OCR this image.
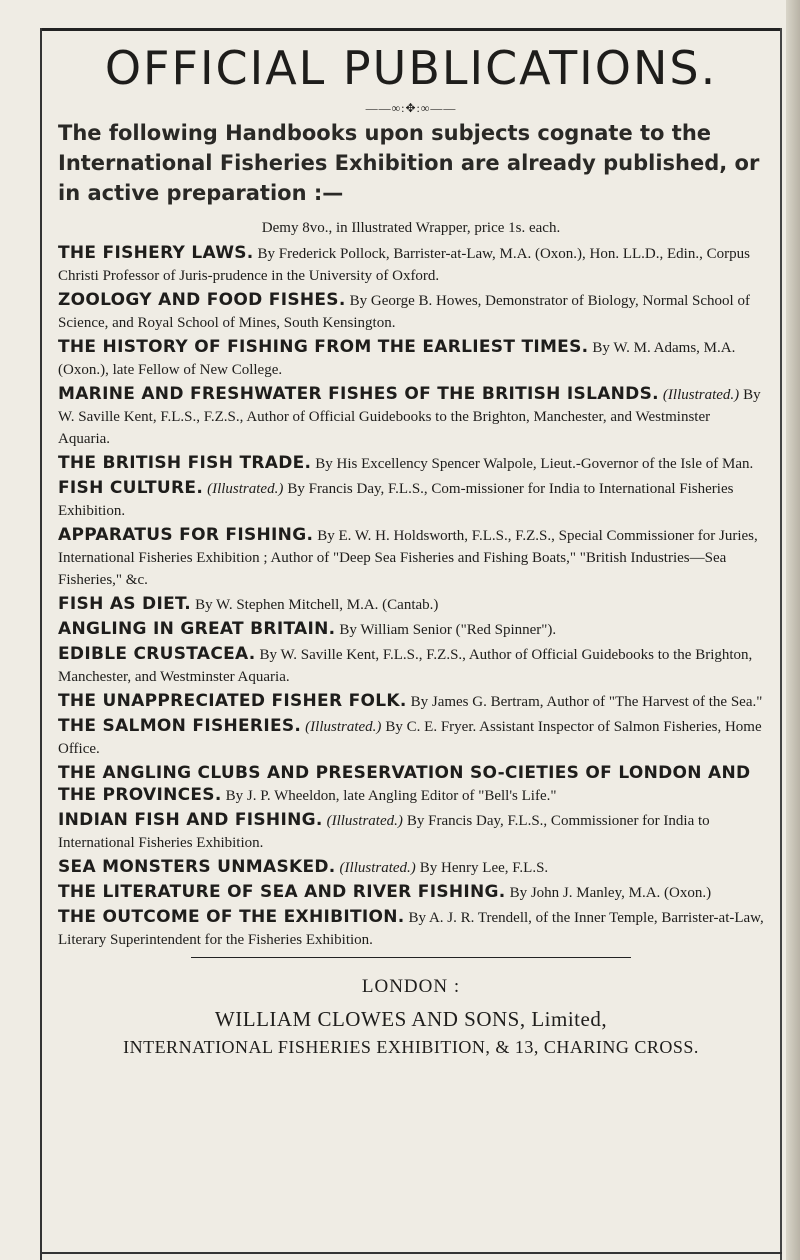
OFFICIAL PUBLICATIONS.
——∞:✥:∞——

The following Handbooks upon subjects cognate to the International Fisheries Exhibition are already published, or in active preparation :—

Demy 8vo., in Illustrated Wrapper, price 1s. each.

THE FISHERY LAWS. By Frederick Pollock, Barrister-at-Law, M.A. (Oxon.), Hon. LL.D., Edin., Corpus Christi Professor of Juris-prudence in the University of Oxford.

ZOOLOGY AND FOOD FISHES. By George B. Howes, Demonstrator of Biology, Normal School of Science, and Royal School of Mines, South Kensington.

THE HISTORY OF FISHING FROM THE EARLIEST TIMES. By W. M. Adams, M.A. (Oxon.), late Fellow of New College.

MARINE AND FRESHWATER FISHES OF THE BRITISH ISLANDS. (Illustrated.) By W. Saville Kent, F.L.S., F.Z.S., Author of Official Guidebooks to the Brighton, Manchester, and Westminster Aquaria.

THE BRITISH FISH TRADE. By His Excellency Spencer Walpole, Lieut.-Governor of the Isle of Man.

FISH CULTURE. (Illustrated.) By Francis Day, F.L.S., Com-missioner for India to International Fisheries Exhibition.

APPARATUS FOR FISHING. By E. W. H. Holdsworth, F.L.S., F.Z.S., Special Commissioner for Juries, International Fisheries Exhibition ; Author of "Deep Sea Fisheries and Fishing Boats," "British Industries—Sea Fisheries," &c.

FISH AS DIET. By W. Stephen Mitchell, M.A. (Cantab.)

ANGLING IN GREAT BRITAIN. By William Senior ("Red Spinner").

EDIBLE CRUSTACEA. By W. Saville Kent, F.L.S., F.Z.S., Author of Official Guidebooks to the Brighton, Manchester, and Westminster Aquaria.

THE UNAPPRECIATED FISHER FOLK. By James G. Bertram, Author of "The Harvest of the Sea."

THE SALMON FISHERIES. (Illustrated.) By C. E. Fryer. Assistant Inspector of Salmon Fisheries, Home Office.

THE ANGLING CLUBS AND PRESERVATION SO-CIETIES OF LONDON AND THE PROVINCES. By J. P. Wheeldon, late Angling Editor of "Bell's Life."

INDIAN FISH AND FISHING. (Illustrated.) By Francis Day, F.L.S., Commissioner for India to International Fisheries Exhibition.

SEA MONSTERS UNMASKED. (Illustrated.) By Henry Lee, F.L.S.

THE LITERATURE OF SEA AND RIVER FISHING. By John J. Manley, M.A. (Oxon.)

THE OUTCOME OF THE EXHIBITION. By A. J. R. Trendell, of the Inner Temple, Barrister-at-Law, Literary Superintendent for the Fisheries Exhibition.

LONDON :
WILLIAM CLOWES AND SONS, Limited,
INTERNATIONAL FISHERIES EXHIBITION, & 13, CHARING CROSS.
